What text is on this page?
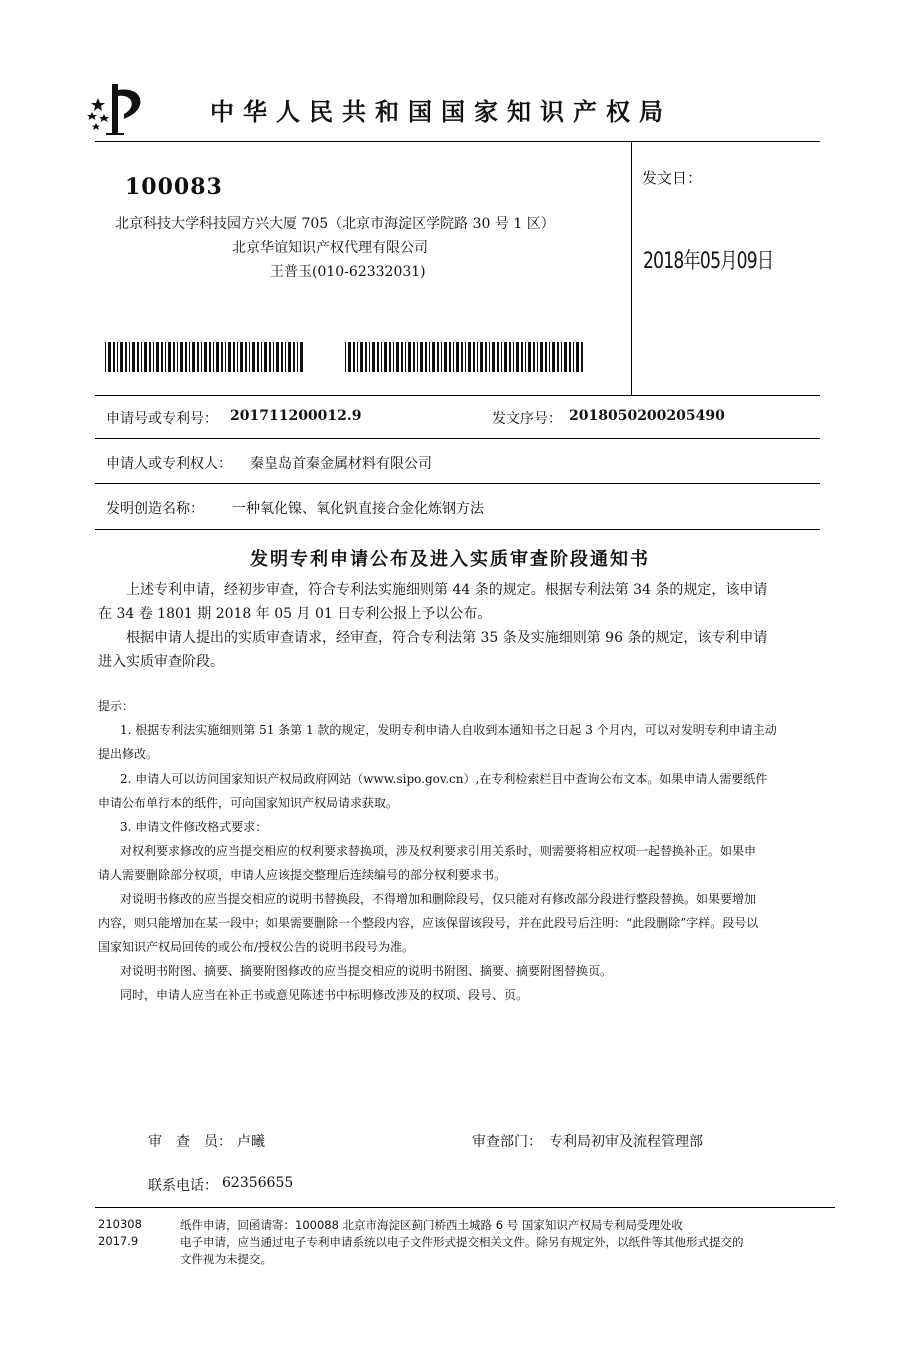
中华人民共和国国家知识产权局
100083
北京科技大学科技园方兴大厦 705（北京市海淀区学院路 30 号 1 区）
北京华谊知识产权代理有限公司
王普玉(010-62332031)
发文日：
2018年05月09日
申请号或专利号： 201711200012.9	发文序号： 2018050200205490
申请人或专利权人： 秦皇岛首秦金属材料有限公司
发明创造名称： 一种氧化镍、氧化钒直接合金化炼钢方法
发明专利申请公布及进入实质审查阶段通知书
上述专利申请，经初步审查，符合专利法实施细则第 44 条的规定。根据专利法第 34 条的规定，该申请
在 34 卷 1801 期 2018 年 05 月 01 日专利公报上予以公布。
根据申请人提出的实质审查请求，经审查，符合专利法第 35 条及实施细则第 96 条的规定，该专利申请
进入实质审查阶段。
提示：
1. 根据专利法实施细则第 51 条第 1 款的规定，发明专利申请人自收到本通知书之日起 3 个月内，可以对发明专利申请主动
提出修改。
2. 申请人可以访问国家知识产权局政府网站（www.sipo.gov.cn）,在专利检索栏目中查询公布文本。如果申请人需要纸件
申请公布单行本的纸件，可向国家知识产权局请求获取。
3. 申请文件修改格式要求：
对权利要求修改的应当提交相应的权利要求替换项，涉及权利要求引用关系时，则需要将相应权项一起替换补正。如果申
请人需要删除部分权项，申请人应该提交整理后连续编号的部分权利要求书。
对说明书修改的应当提交相应的说明书替换段，不得增加和删除段号，仅只能对有修改部分段进行整段替换。如果要增加
内容，则只能增加在某一段中；如果需要删除一个整段内容，应该保留该段号，并在此段号后注明：“此段删除”字样。段号以
国家知识产权局回传的或公布/授权公告的说明书段号为准。
对说明书附图、摘要、摘要附图修改的应当提交相应的说明书附图、摘要、摘要附图替换页。
同时，申请人应当在补正书或意见陈述书中标明修改涉及的权项、段号、页。
审　查　员： 卢曦	审查部门： 专利局初审及流程管理部
联系电话： 62356655
210308
2017.9
纸件申请，回函请寄：100088 北京市海淀区蓟门桥西土城路 6 号 国家知识产权局专利局受理处收
电子申请，应当通过电子专利申请系统以电子文件形式提交相关文件。除另有规定外，以纸件等其他形式提交的
文件视为未提交。
